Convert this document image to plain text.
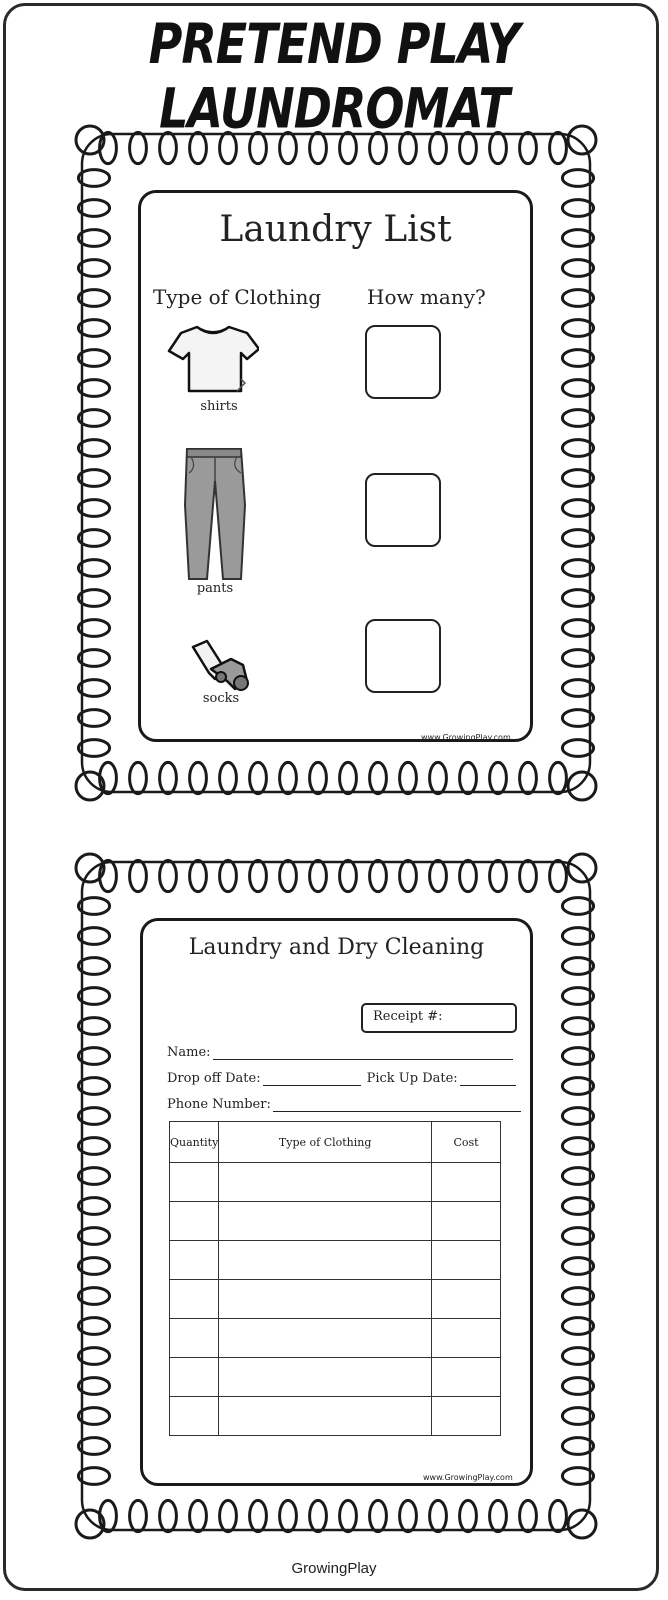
PRETEND PLAY LAUNDROMAT
Laundry List
Type of Clothing How many?
shirts
pants
socks
www.GrowingPlay.com
Laundry and Dry Cleaning
Receipt #:
Name:
Drop off Date:	Pick Up Date:
Phone Number:
Quantity	Type of Clothing	Cost

www.GrowingPlay.com
GrowingPlay
